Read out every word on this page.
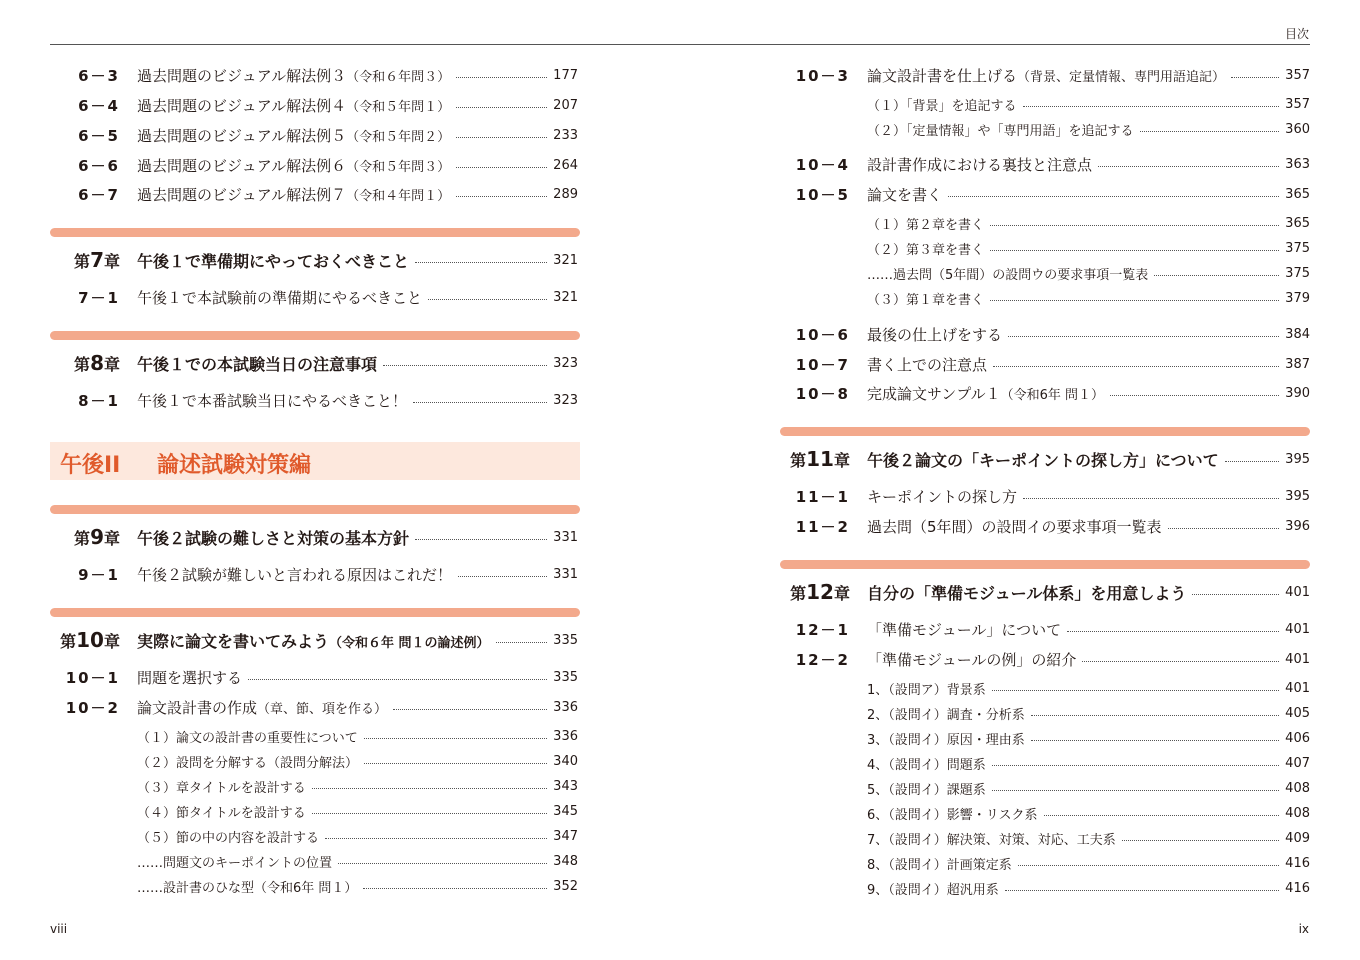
目次
6－3 過去問題のビジュアル解法例３（令和６年問３）	177
6－4 過去問題のビジュアル解法例４（令和５年問１）	207
6－5 過去問題のビジュアル解法例５（令和５年問２）	233
6－6 過去問題のビジュアル解法例６（令和５年問３）	264
6－7 過去問題のビジュアル解法例７（令和４年問１）	289
第7章 午後１で準備期にやっておくべきこと	321
7－1 午後１で本試験前の準備期にやるべきこと	321
第8章 午後１での本試験当日の注意事項	323
8－1 午後１で本番試験当日にやるべきこと！	323
午後II 論述試験対策編
第9章 午後２試験の難しさと対策の基本方針	331
9－1 午後２試験が難しいと言われる原因はこれだ！	331
第10章 実際に論文を書いてみよう（令和６年 問１の論述例）	335
10－1 問題を選択する	335
10－2 論文設計書の作成（章、節、項を作る）	336
（１）論文の設計書の重要性について	336
（２）設問を分解する（設問分解法）	340
（３）章タイトルを設計する	343
（４）節タイトルを設計する	345
（５）節の中の内容を設計する	347
……問題文のキーポイントの位置	348
……設計書のひな型（令和6年 問１）	352
10－3 論文設計書を仕上げる（背景、定量情報、専門用語追記）	357
（１）「背景」を追記する	357
（２）「定量情報」や「専門用語」を追記する	360
10－4 設計書作成における裏技と注意点	363
10－5 論文を書く	365
（１）第２章を書く	365
（２）第３章を書く	375
……過去問（5年間）の設問ウの要求事項一覧表	375
（３）第１章を書く	379
10－6 最後の仕上げをする	384
10－7 書く上での注意点	387
10－8 完成論文サンプル１（令和6年 問１）	390
第11章 午後２論文の「キーポイントの探し方」について	395
11－1 キーポイントの探し方	395
11－2 過去問（5年間）の設問イの要求事項一覧表	396
第12章 自分の「準備モジュール体系」を用意しよう	401
12－1 「準備モジュール」について	401
12－2 「準備モジュールの例」の紹介	401
1、（設問ア）背景系	401
2、（設問イ）調査・分析系	405
3、（設問イ）原因・理由系	406
4、（設問イ）問題系	407
5、（設問イ）課題系	408
6、（設問イ）影響・リスク系	408
7、（設問イ）解決策、対策、対応、工夫系	409
8、（設問イ）計画策定系	416
9、（設問イ）超汎用系	416
viii	ix
